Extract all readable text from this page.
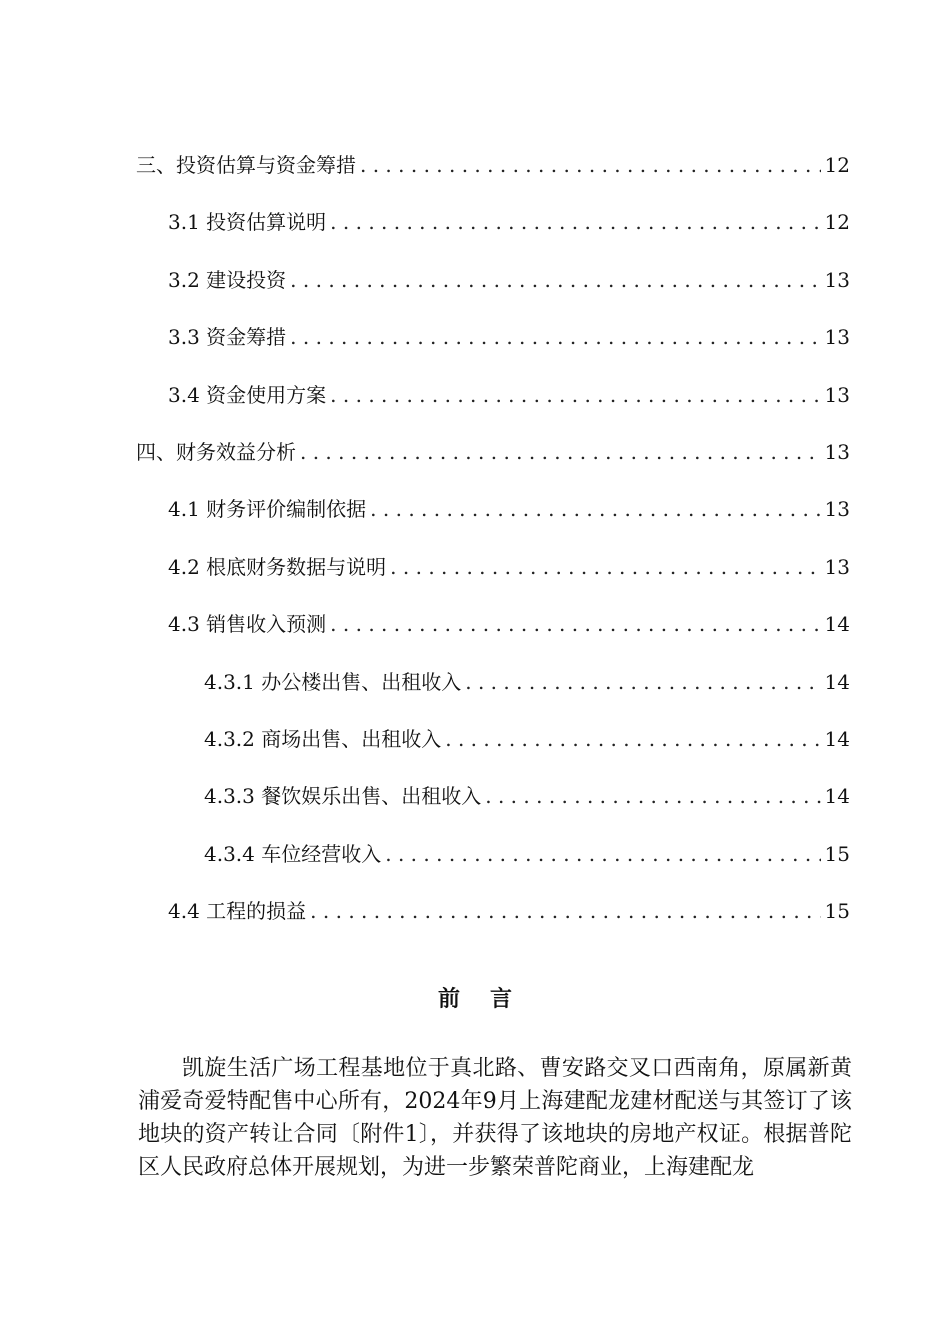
三、投资估算与资金筹措 . . .	12
3.1 投资估算说明 . . .	12
3.2 建设投资 . . .	13
3.3 资金筹措 . . .	13
3.4 资金使用方案 . . .	13
四、财务效益分析 . . .	13
4.1 财务评价编制依据 . . .	13
4.2 根底财务数据与说明 . . .	13
4.3 销售收入预测 . . .	14
4.3.1 办公楼出售、出租收入 . . .	14
4.3.2 商场出售、出租收入 . . .	14
4.3.3 餐饮娱乐出售、出租收入 . . .	14
4.3.4 车位经营收入 . . .	15
4.4 工程的损益 . . .	15
前言

凯旋生活广场工程基地位于真北路、曹安路交叉口西南角，原属新黄浦爱奇爱特配售中心所有，2024年9月上海建配龙建材配送与其签订了该地块的资产转让合同〔附件1〕，并获得了该地块的房地产权证。根据普陀区人民政府总体开展规划，为进一步繁荣普陀商业，上海建配龙
